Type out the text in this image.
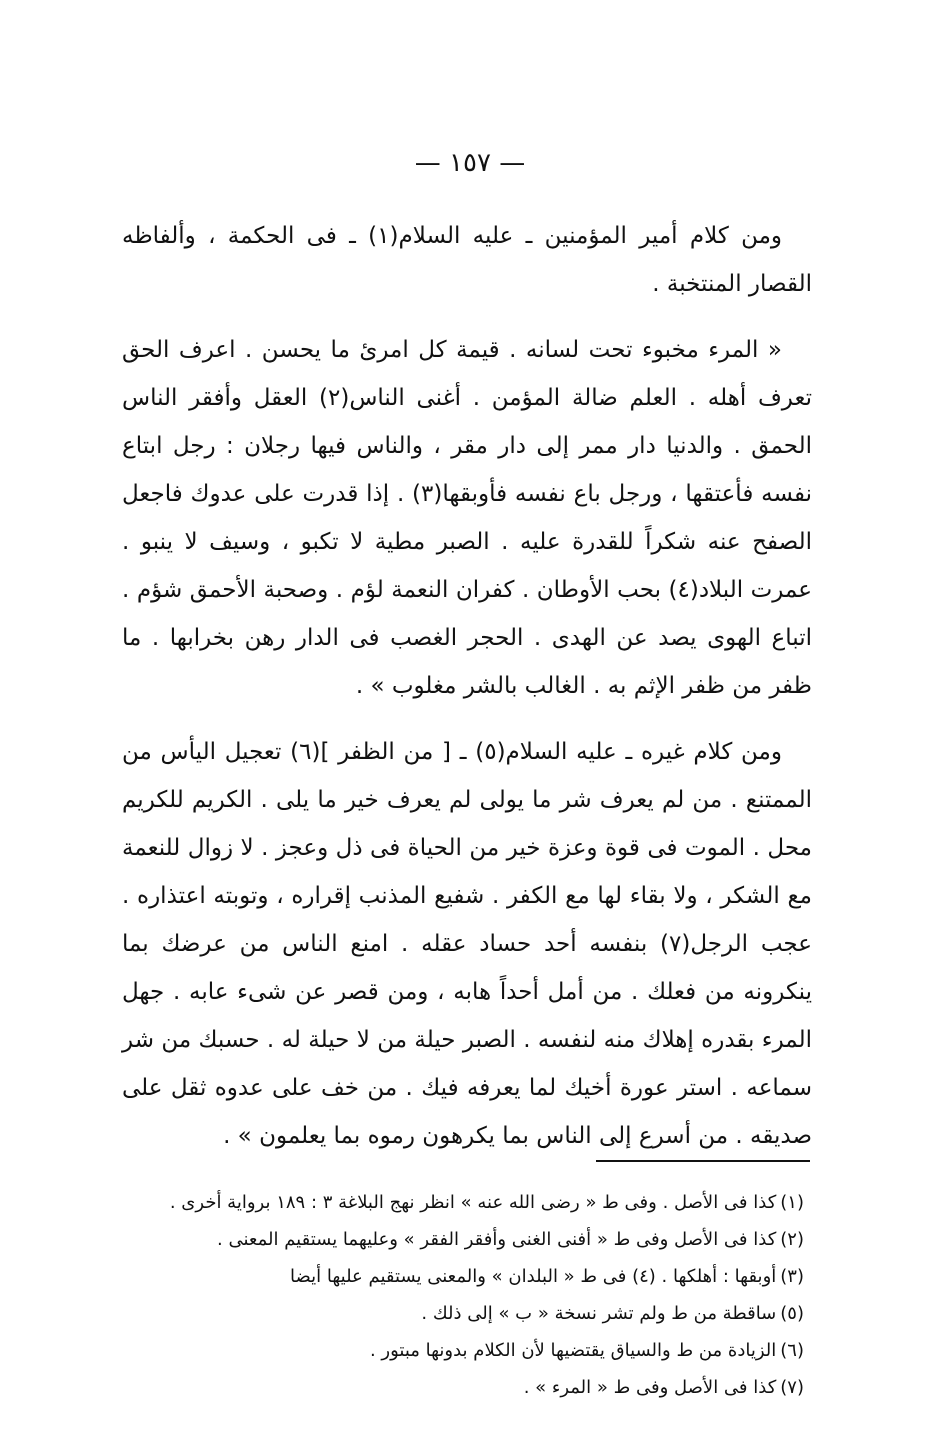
— ١٥٧ —

ومن كلام أمير المؤمنين ـ عليه السلام(١) ـ فى الحكمة ، وألفاظه القصار المنتخبة .

« المرء مخبوء تحت لسانه . قيمة كل امرئ ما يحسن . اعرف الحق تعرف أهله . العلم ضالة المؤمن . أغنى الناس(٢) العقل وأفقر الناس الحمق . والدنيا دار ممر إلى دار مقر ، والناس فيها رجلان : رجل ابتاع نفسه فأعتقها ، ورجل باع نفسه فأوبقها(٣) . إذا قدرت على عدوك فاجعل الصفح عنه شكراً للقدرة عليه . الصبر مطية لا تكبو ، وسيف لا ينبو . عمرت البلاد(٤) بحب الأوطان . كفران النعمة لؤم . وصحبة الأحمق شؤم . اتباع الهوى يصد عن الهدى . الحجر الغصب فى الدار رهن بخرابها . ما ظفر من ظفر الإثم به . الغالب بالشر مغلوب » .

ومن كلام غيره ـ عليه السلام(٥) ـ [ من الظفر ](٦) تعجيل اليأس من الممتنع . من لم يعرف شر ما يولى لم يعرف خير ما يلى . الكريم للكريم محل . الموت فى قوة وعزة خير من الحياة فى ذل وعجز . لا زوال للنعمة مع الشكر ، ولا بقاء لها مع الكفر . شفيع المذنب إقراره ، وتوبته اعتذاره . عجب الرجل(٧) بنفسه أحد حساد عقله . امنع الناس من عرضك بما ينكرونه من فعلك . من أمل أحداً هابه ، ومن قصر عن شىء عابه . جهل المرء بقدره إهلاك منه لنفسه . الصبر حيلة من لا حيلة له . حسبك من شر سماعه . استر عورة أخيك لما يعرفه فيك . من خف على عدوه ثقل على صديقه . من أسرع إلى الناس بما يكرهون رموه بما يعلمون » .

(١)كذا فى الأصل . وفى ط « رضى الله عنه » انظر نهج البلاغة ٣ : ١٨٩ برواية أخرى .
(٢)كذا فى الأصل وفى ط « أفنى الغنى وأفقر الفقر » وعليهما يستقيم المعنى .
(٣)أوبقها : أهلكها . (٤) فى ط « البلدان » والمعنى يستقيم عليها أيضا
(٥)ساقطة من ط ولم تشر نسخة « ب » إلى ذلك .
(٦)الزيادة من ط والسياق يقتضيها لأن الكلام بدونها مبتور .
(٧)كذا فى الأصل وفى ط « المرء » .
